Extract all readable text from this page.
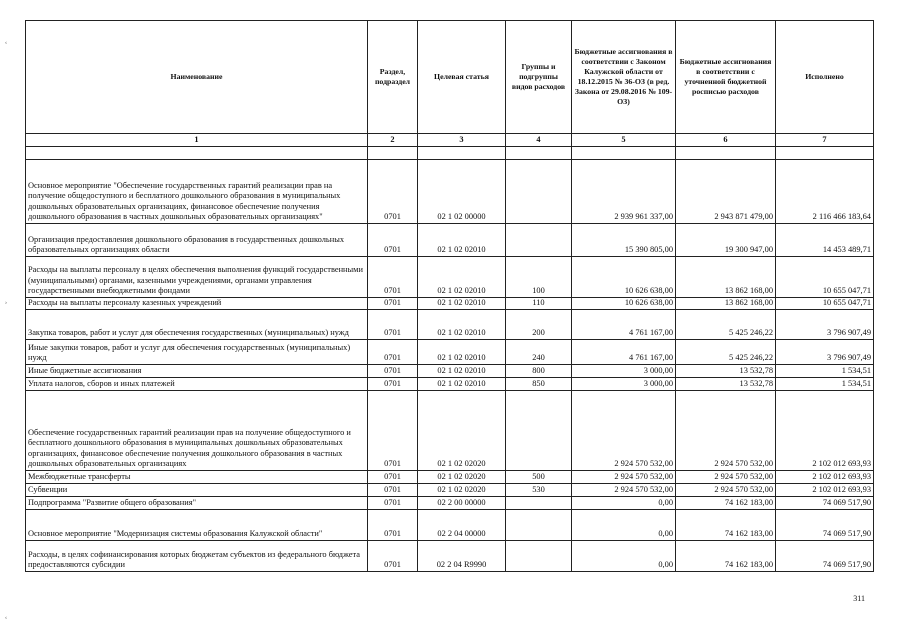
Наименование	Раздел, подраздел	Целевая статья	Группы и подгруппы видов расходов	Бюджетные ассигнования в соответствии с Законом Калужской области от 18.12.2015 № 36-ОЗ (в ред. Закона от 29.08.2016 № 109-ОЗ)	Бюджетные ассигнования в соответствии с уточненной бюджетной росписью расходов	Исполнено
1	2	3	4	5	6	7

Основное мероприятие "Обеспечение государственных гарантий реализации прав на получение общедоступного и бесплатного дошкольного образования в муниципальных дошкольных образовательных организациях, финансовое обеспечение получения дошкольного образования в частных дошкольных образовательных организациях"	0701	02 1 02 00000		2 939 961 337,00	2 943 871 479,00	2 116 466 183,64
Организация предоставления дошкольного образования в государственных дошкольных образовательных организациях области	0701	02 1 02 02010		15 390 805,00	19 300 947,00	14 453 489,71
Расходы на выплаты персоналу в целях обеспечения выполнения функций государственными (муниципальными) органами, казенными учреждениями, органами управления государственными внебюджетными фондами	0701	02 1 02 02010	100	10 626 638,00	13 862 168,00	10 655 047,71
Расходы на выплаты персоналу казенных учреждений	0701	02 1 02 02010	110	10 626 638,00	13 862 168,00	10 655 047,71
Закупка товаров, работ и услуг для обеспечения государственных (муниципальных) нужд	0701	02 1 02 02010	200	4 761 167,00	5 425 246,22	3 796 907,49
Иные закупки товаров, работ и услуг для обеспечения государственных (муниципальных) нужд	0701	02 1 02 02010	240	4 761 167,00	5 425 246,22	3 796 907,49
Иные бюджетные ассигнования	0701	02 1 02 02010	800	3 000,00	13 532,78	1 534,51
Уплата налогов, сборов и иных платежей	0701	02 1 02 02010	850	3 000,00	13 532,78	1 534,51
Обеспечение государственных гарантий реализации прав на получение общедоступного и бесплатного дошкольного образования в муниципальных дошкольных образовательных организациях, финансовое обеспечение получения дошкольного образования в частных дошкольных образовательных организациях	0701	02 1 02 02020		2 924 570 532,00	2 924 570 532,00	2 102 012 693,93
Межбюджетные трансферты	0701	02 1 02 02020	500	2 924 570 532,00	2 924 570 532,00	2 102 012 693,93
Субвенции	0701	02 1 02 02020	530	2 924 570 532,00	2 924 570 532,00	2 102 012 693,93
Подпрограмма "Развитие общего образования"	0701	02 2 00 00000		0,00	74 162 183,00	74 069 517,90
Основное мероприятие "Модернизация системы образования Калужской области"	0701	02 2 04 00000		0,00	74 162 183,00	74 069 517,90
Расходы, в целях софинансирования которых бюджетам субъектов из федерального бюджета предоставляются субсидии	0701	02 2 04 R9990		0,00	74 162 183,00	74 069 517,90
311
‹
›
‹
